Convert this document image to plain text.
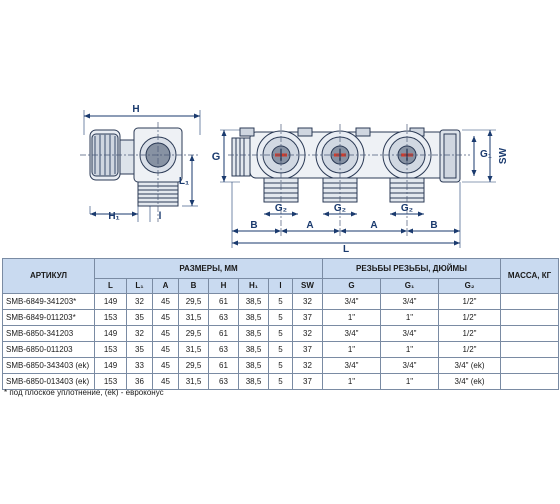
H
L₁
H₁	l
G
G₂	G₂	G₂
B	A	A	B
L
G₁ SW
АРТИКУЛ	РАЗМЕРЫ, ММ								РЕЗЬБЫ РЕЗЬБЫ, ДЮЙМЫ			МАССА, КГ
	L	L₁	A	B	H	H₁	l	SW	G	G₁	G₂	
SMB-6849-341203*	149	32	45	29,5	61	38,5	5	32	3/4"	3/4"	1/2"	
SMB-6849-011203*	153	35	45	31,5	63	38,5	5	37	1"	1"	1/2"	
SMB-6850-341203	149	32	45	29,5	61	38,5	5	32	3/4"	3/4"	1/2"	
SMB-6850-011203	153	35	45	31,5	63	38,5	5	37	1"	1"	1/2"	
SMB-6850-343403 (ek)	149	33	45	29,5	61	38,5	5	32	3/4"	3/4"	3/4" (ek)	
SMB-6850-013403 (ek)	153	36	45	31,5	63	38,5	5	37	1"	1"	3/4" (ek)	
* под плоское уплотнение, (ek) - евроконус
